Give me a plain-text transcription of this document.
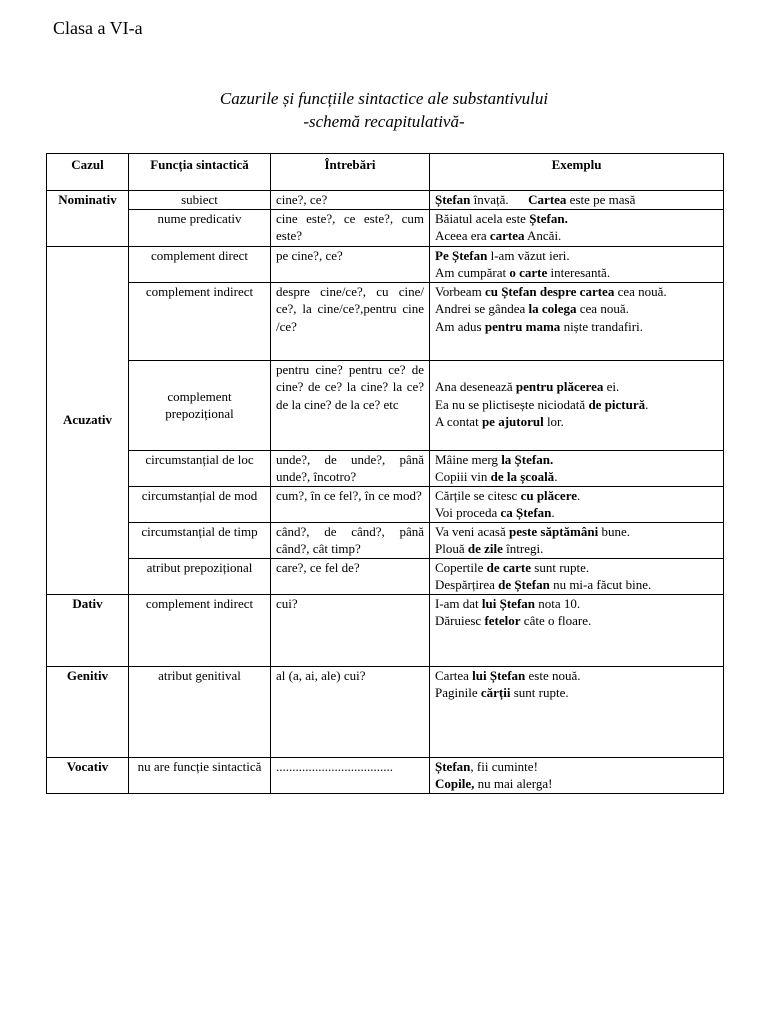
Clasa a VI-a
Cazurile și funcțiile sintactice ale substantivului
-schemă recapitulativă-
Cazul	Funcția sintactică	Întrebări	Exemplu
Nominativ	subiect	cine?, ce?	Ștefan învață.      Cartea este pe masă

	nume predicativ	cine este?, ce este?, cum este?	Băiatul acela este Ștefan.
Aceea era cartea Ancăi.

Acuzativ	complement direct	pe cine?, ce?	Pe Ștefan l-am văzut ieri.
Am cumpărat o carte interesantă.

	complement indirect	despre cine/ce?, cu cine/ ce?, la cine/ce?,pentru cine /ce?	Vorbeam cu Ștefan despre cartea cea nouă.
Andrei se gândea la colega cea nouă.
Am adus pentru mama niște trandafiri.

	complement prepozițional	pentru cine? pentru ce? de cine? de ce? la cine? la ce? de la cine? de la ce? etc	Ana desenează pentru plăcerea ei.
Ea nu se plictisește niciodată de pictură.
A contat pe ajutorul lor.

	circumstanțial de loc	unde?, de unde?, până unde?, încotro?	Mâine merg la Ștefan.
Copiii vin de la școală.

	circumstanțial de mod	cum?, în ce fel?, în ce mod?	Cărțile se citesc cu plăcere.
Voi proceda ca Ștefan.

	circumstanțial de timp	când?, de când?, până când?, cât timp?	Va veni acasă peste săptămâni bune.
Plouă de zile întregi.

	atribut prepozițional	care?, ce fel de?	Copertile de carte sunt rupte.
Despărțirea de Ștefan nu mi-a făcut bine.

Dativ	complement indirect	cui?	I-am dat lui Ștefan nota 10.
Dăruiesc fetelor câte o floare.

Genitiv	atribut genitival	al (a, ai, ale) cui?	Cartea lui Ștefan este nouă.
Paginile cărții sunt rupte.

Vocativ	nu are funcție sintactică	....................................	Ștefan, fii cuminte!
Copile, nu mai alerga!
